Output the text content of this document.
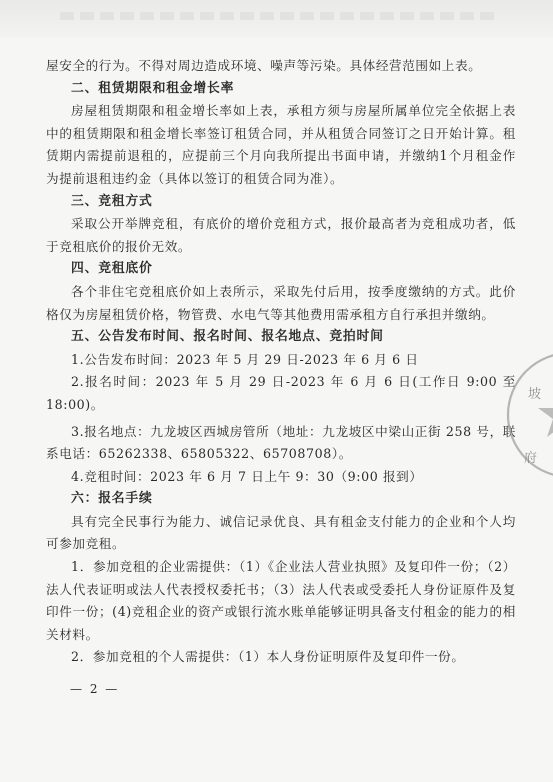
屋安全的行为。不得对周边造成环境、噪声等污染。具体经营范围如上表。

二、租赁期限和租金增长率

房屋租赁期限和租金增长率如上表，承租方须与房屋所属单位完全依据上表中的租赁期限和租金增长率签订租赁合同，并从租赁合同签订之日开始计算。租赁期内需提前退租的，应提前三个月向我所提出书面申请，并缴纳1个月租金作为提前退租违约金（具体以签订的租赁合同为准）。

三、竞租方式

采取公开举牌竞租，有底价的增价竞租方式，报价最高者为竞租成功者，低于竞租底价的报价无效。

四、竞租底价

各个非住宅竞租底价如上表所示，采取先付后用，按季度缴纳的方式。此价格仅为房屋租赁价格，物管费、水电气等其他费用需承租方自行承担并缴纳。

五、公告发布时间、报名时间、报名地点、竞拍时间

1.公告发布时间：2023 年 5 月 29 日-2023 年 6 月 6 日

2.报名时间：2023 年 5 月 29 日-2023 年 6 月 6 日(工作日 9:00 至 18:00)。

3.报名地点：九龙坡区西城房管所（地址：九龙坡区中梁山正街 258 号，联系电话：65262338、65805322、65708708）。

4.竞租时间：2023 年 6 月 7 日上午 9：30（9:00 报到）

六：报名手续

具有完全民事行为能力、诚信记录优良、具有租金支付能力的企业和个人均可参加竞租。

1．参加竞租的企业需提供：（1）《企业法人营业执照》及复印件一份；（2）法人代表证明或法人代表授权委托书；（3）法人代表或受委托人身份证原件及复印件一份；(4)竞租企业的资产或银行流水账单能够证明具备支付租金的能力的相关材料。

2．参加竞租的个人需提供：（1）本人身份证明原件及复印件一份。

— 2 —
坡
府
